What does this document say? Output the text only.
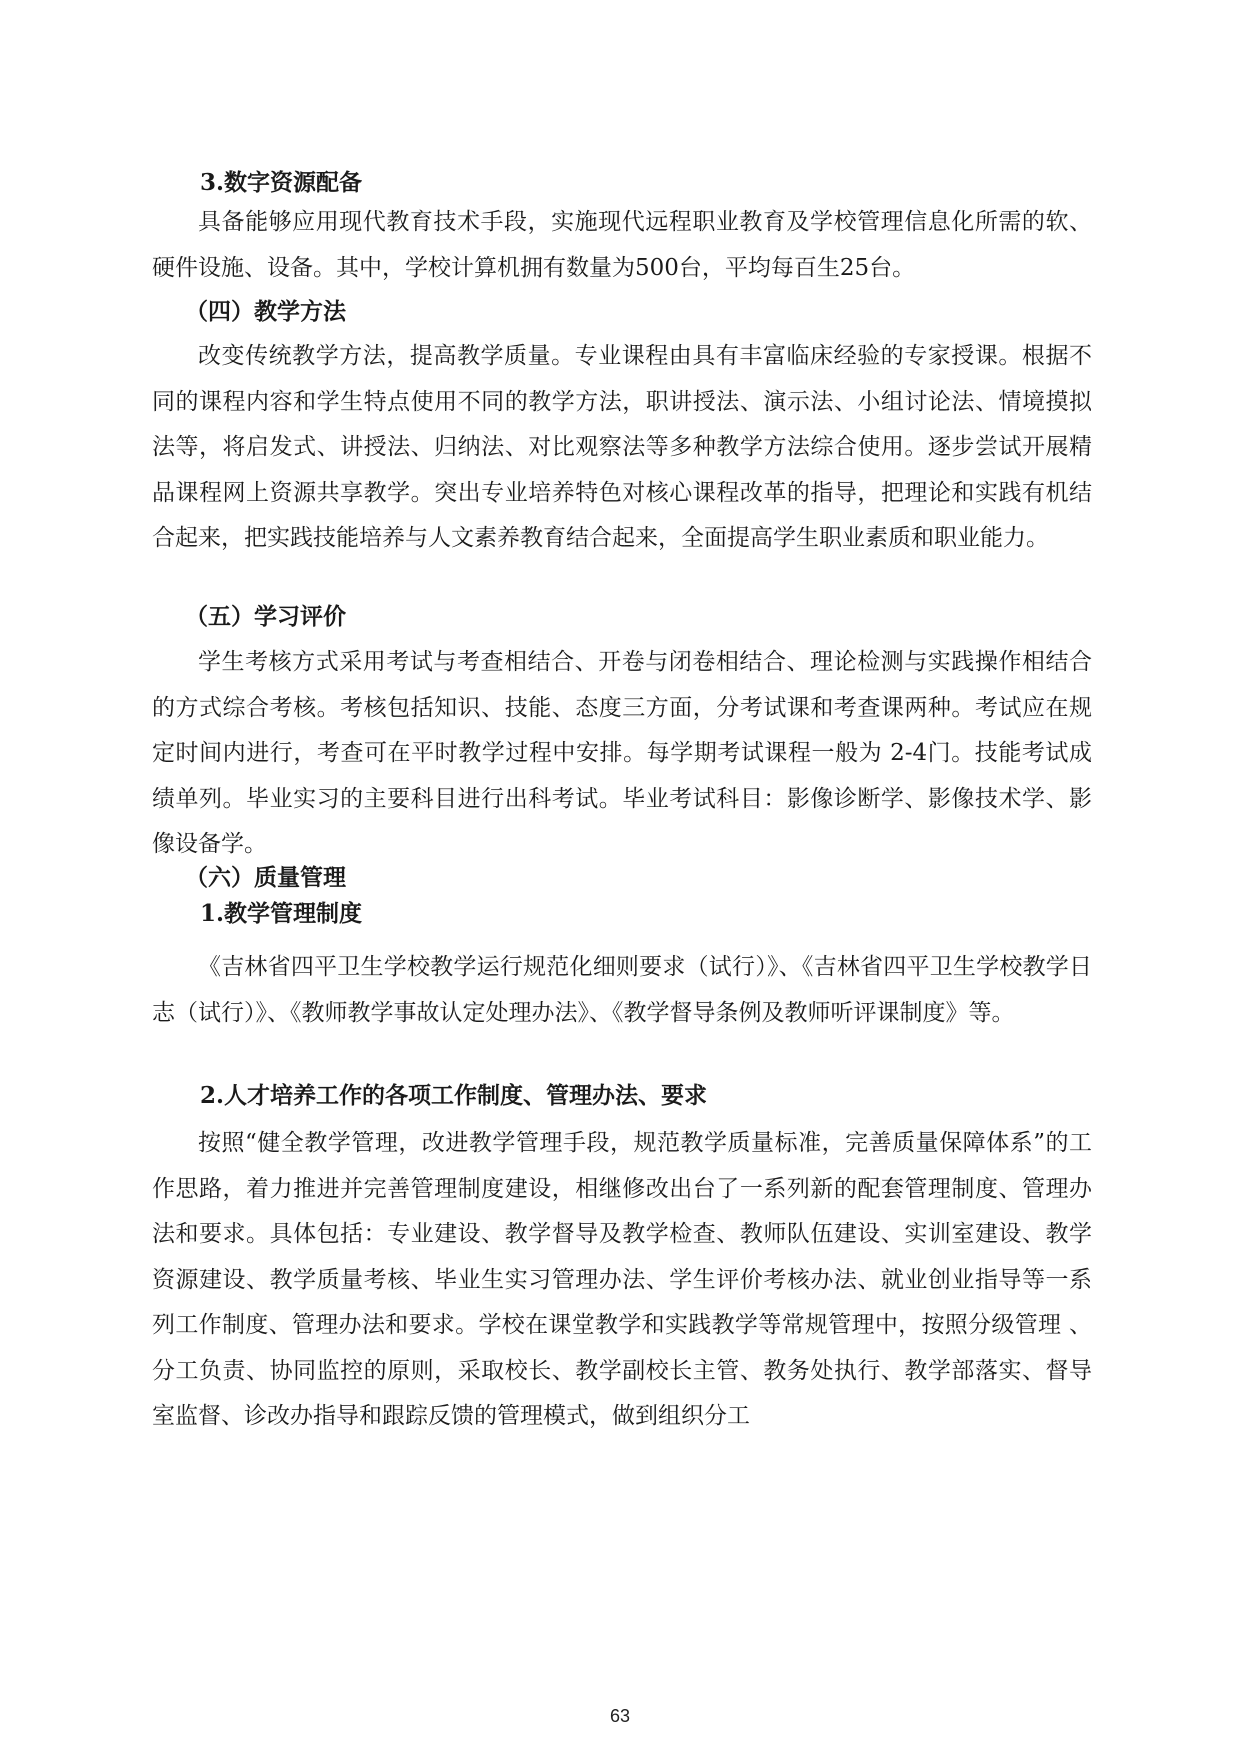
3.数字资源配备
具备能够应用现代教育技术手段，实施现代远程职业教育及学校管理信息化所需的软、硬件设施、设备。其中，学校计算机拥有数量为500台，平均每百生25台。
（四）教学方法
改变传统教学方法，提高教学质量。专业课程由具有丰富临床经验的专家授课。根据不同的课程内容和学生特点使用不同的教学方法，职讲授法、演示法、小组讨论法、情境摸拟法等，将启发式、讲授法、归纳法、对比观察法等多种教学方法综合使用。逐步尝试开展精品课程网上资源共享教学。突出专业培养特色对核心课程改革的指导，把理论和实践有机结合起来，把实践技能培养与人文素养教育结合起来，全面提高学生职业素质和职业能力。
（五）学习评价
学生考核方式采用考试与考查相结合、开卷与闭卷相结合、理论检测与实践操作相结合的方式综合考核。考核包括知识、技能、态度三方面，分考试课和考查课两种。考试应在规定时间内进行，考查可在平时教学过程中安排。每学期考试课程一般为 2-4门。技能考试成绩单列。毕业实习的主要科目进行出科考试。毕业考试科目：影像诊断学、影像技术学、影像设备学。
（六）质量管理
1.教学管理制度
《吉林省四平卫生学校教学运行规范化细则要求（试行）》、《吉林省四平卫生学校教学日志（试行）》、《教师教学事故认定处理办法》、《教学督导条例及教师听评课制度》等。
2.人才培养工作的各项工作制度、管理办法、要求
按照“健全教学管理，改进教学管理手段，规范教学质量标准，完善质量保障体系”的工作思路，着力推进并完善管理制度建设，相继修改出台了一系列新的配套管理制度、管理办法和要求。具体包括：专业建设、教学督导及教学检查、教师队伍建设、实训室建设、教学资源建设、教学质量考核、毕业生实习管理办法、学生评价考核办法、就业创业指导等一系列工作制度、管理办法和要求。学校在课堂教学和实践教学等常规管理中，按照分级管理 、分工负责、协同监控的原则，采取校长、教学副校长主管、教务处执行、教学部落实、督导室监督、诊改办指导和跟踪反馈的管理模式，做到组织分工
63
